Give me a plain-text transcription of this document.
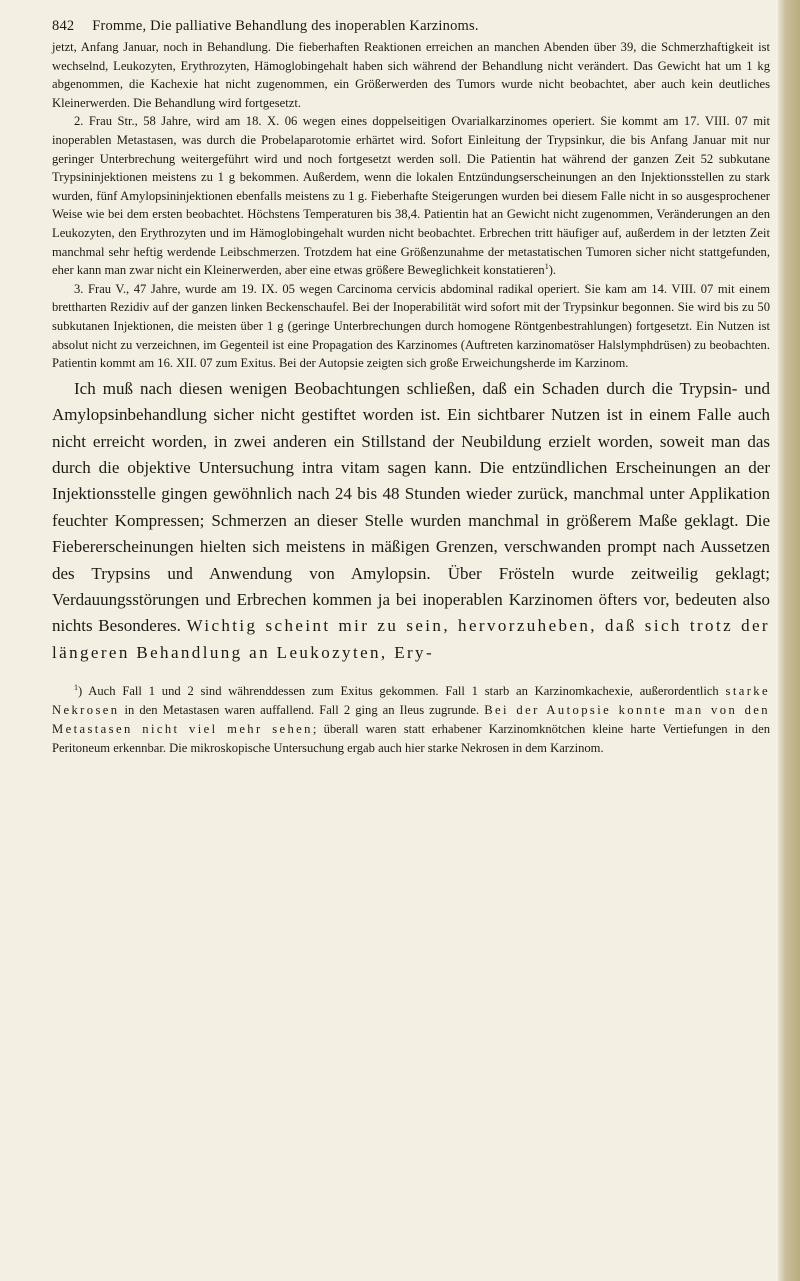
842 Fromme, Die palliative Behandlung des inoperablen Karzinoms.

jetzt, Anfang Januar, noch in Behandlung. Die fieberhaften Reaktionen erreichen an manchen Abenden über 39, die Schmerzhaftigkeit ist wechselnd, Leukozyten, Erythrozyten, Hämoglobingehalt haben sich während der Behandlung nicht verändert. Das Gewicht hat um 1 kg abgenommen, die Kachexie hat nicht zugenommen, ein Größerwerden des Tumors wurde nicht beobachtet, aber auch kein deutliches Kleinerwerden. Die Behandlung wird fortgesetzt.

2. Frau Str., 58 Jahre, wird am 18. X. 06 wegen eines doppelseitigen Ovarialkarzinomes operiert. Sie kommt am 17. VIII. 07 mit inoperablen Metastasen, was durch die Probelaparotomie erhärtet wird. Sofort Einleitung der Trypsinkur, die bis Anfang Januar mit nur geringer Unterbrechung weitergeführt wird und noch fortgesetzt werden soll. Die Patientin hat während der ganzen Zeit 52 subkutane Trypsininjektionen meistens zu 1 g bekommen. Außerdem, wenn die lokalen Entzündungserscheinungen an den Injektionsstellen zu stark wurden, fünf Amylopsininjektionen ebenfalls meistens zu 1 g. Fieberhafte Steigerungen wurden bei diesem Falle nicht in so ausgesprochener Weise wie bei dem ersten beobachtet. Höchstens Temperaturen bis 38,4. Patientin hat an Gewicht nicht zugenommen, Veränderungen an den Leukozyten, den Erythrozyten und im Hämoglobingehalt wurden nicht beobachtet. Erbrechen tritt häufiger auf, außerdem in der letzten Zeit manchmal sehr heftig werdende Leibschmerzen. Trotzdem hat eine Größenzunahme der metastatischen Tumoren sicher nicht stattgefunden, eher kann man zwar nicht ein Kleinerwerden, aber eine etwas größere Beweglichkeit konstatieren$^1$).

3. Frau V., 47 Jahre, wurde am 19. IX. 05 wegen Carcinoma cervicis abdominal radikal operiert. Sie kam am 14. VIII. 07 mit einem brettharten Rezidiv auf der ganzen linken Beckenschaufel. Bei der Inoperabilität wird sofort mit der Trypsinkur begonnen. Sie wird bis zu 50 subkutanen Injektionen, die meisten über 1 g (geringe Unterbrechungen durch homogene Röntgenbestrahlungen) fortgesetzt. Ein Nutzen ist absolut nicht zu verzeichnen, im Gegenteil ist eine Propagation des Karzinomes (Auftreten karzinomatöser Halslymphdrüsen) zu beobachten. Patientin kommt am 16. XII. 07 zum Exitus. Bei der Autopsie zeigten sich große Erweichungsherde im Karzinom.

Ich muß nach diesen wenigen Beobachtungen schließen, daß ein Schaden durch die Trypsin- und Amylopsinbehandlung sicher nicht gestiftet worden ist. Ein sichtbarer Nutzen ist in einem Falle auch nicht erreicht worden, in zwei anderen ein Stillstand der Neubildung erzielt worden, soweit man das durch die objektive Untersuchung intra vitam sagen kann. Die entzündlichen Erscheinungen an der Injektionsstelle gingen gewöhnlich nach 24 bis 48 Stunden wieder zurück, manchmal unter Applikation feuchter Kompressen; Schmerzen an dieser Stelle wurden manchmal in größerem Maße geklagt. Die Fiebererscheinungen hielten sich meistens in mäßigen Grenzen, verschwanden prompt nach Aussetzen des Trypsins und Anwendung von Amylopsin. Über Frösteln wurde zeitweilig geklagt; Verdauungsstörungen und Erbrechen kommen ja bei inoperablen Karzinomen öfters vor, bedeuten also nichts Besonderes. Wichtig scheint mir zu sein, hervorzuheben, daß sich trotz der längeren Behandlung an Leukozyten, Ery-

$^1$) Auch Fall 1 und 2 sind währenddessen zum Exitus gekommen. Fall 1 starb an Karzinomkachexie, außerordentlich starke Nekrosen in den Metastasen waren auffallend. Fall 2 ging an Ileus zugrunde. Bei der Autopsie konnte man von den Metastasen nicht viel mehr sehen; überall waren statt erhabener Karzinomknötchen kleine harte Vertiefungen in den Peritoneum erkennbar. Die mikroskopische Untersuchung ergab auch hier starke Nekrosen in dem Karzinom.
